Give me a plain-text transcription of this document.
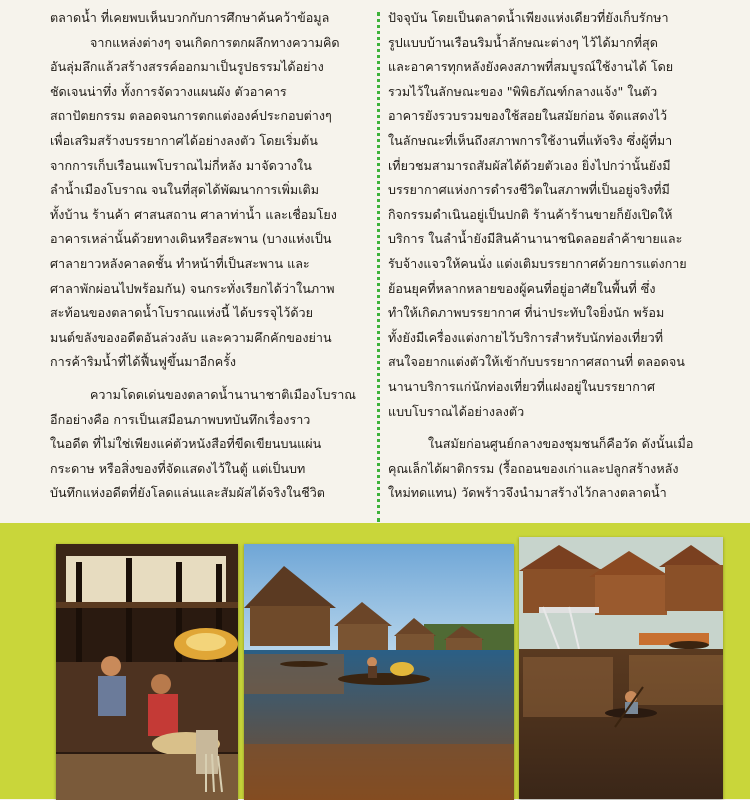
ตลาดน้ำ ที่เคยพบเห็นบวกกับการศึกษาค้นคว้าข้อมูล
จากแหล่งต่างๆ จนเกิดการตกผลึกทางความคิด
อันลุ่มลึกแล้วสร้างสรรค์ออกมาเป็นรูปธรรมได้อย่าง
ชัดเจนน่าทึ่ง ทั้งการจัดวางแผนผัง ตัวอาคาร
สถาปัตยกรรม ตลอดจนการตกแต่งองค์ประกอบต่างๆ
เพื่อเสริมสร้างบรรยากาศได้อย่างลงตัว โดยเริ่มต้น
จากการเก็บเรือนแพโบราณไม่กี่หลัง มาจัดวางใน
ลำน้ำเมืองโบราณ จนในที่สุดได้พัฒนาการเพิ่มเติม
ทั้งบ้าน ร้านค้า ศาสนสถาน ศาลาท่าน้ำ และเชื่อมโยง
อาคารเหล่านั้นด้วยทางเดินหรือสะพาน (บางแห่งเป็น
ศาลายาวหลังคาลดชั้น ทำหน้าที่เป็นสะพาน และ
ศาลาพักผ่อนไปพร้อมกัน) จนกระทั่งเรียกได้ว่าในภาพ
สะท้อนของตลาดน้ำโบราณแห่งนี้ ได้บรรจุไว้ด้วย
มนต์ขลังของอดีตอันล่วงลับ และความคึกคักของย่าน
การค้าริมน้ำที่ได้ฟื้นฟูขึ้นมาอีกครั้ง

ความโดดเด่นของตลาดน้ำนานาชาติเมืองโบราณ
อีกอย่างคือ การเป็นเสมือนภาพบทบันทึกเรื่องราว
ในอดีต ที่ไม่ใช่เพียงแค่ตัวหนังสือที่ขีดเขียนบนแผ่น
กระดาษ หรือสิ่งของที่จัดแสดงไว้ในตู้ แต่เป็นบท
บันทึกแห่งอดีตที่ยังโลดแล่นและสัมผัสได้จริงในชีวิต

ปัจจุบัน โดยเป็นตลาดน้ำเพียงแห่งเดียวที่ยังเก็บรักษา
รูปแบบบ้านเรือนริมน้ำลักษณะต่างๆ ไว้ได้มากที่สุด
และอาคารทุกหลังยังคงสภาพที่สมบูรณ์ใช้งานได้ โดย
รวมไว้ในลักษณะของ "พิพิธภัณฑ์กลางแจ้ง" ในตัว
อาคารยังรวบรวมของใช้สอยในสมัยก่อน จัดแสดงไว้
ในลักษณะที่เห็นถึงสภาพการใช้งานที่แท้จริง ซึ่งผู้ที่มา
เที่ยวชมสามารถสัมผัสได้ด้วยตัวเอง ยิ่งไปกว่านั้นยังมี
บรรยากาศแห่งการดำรงชีวิตในสภาพที่เป็นอยู่จริงที่มี
กิจกรรมดำเนินอยู่เป็นปกติ ร้านค้าร้านขายก็ยังเปิดให้
บริการ ในลำน้ำยังมีสินค้านานาชนิดลอยลำค้าขายและ
รับจ้างแจวให้คนนั่ง แต่งเติมบรรยากาศด้วยการแต่งกาย
ย้อนยุคที่หลากหลายของผู้คนที่อยู่อาศัยในพื้นที่ ซึ่ง
ทำให้เกิดภาพบรรยากาศ ที่น่าประทับใจยิ่งนัก พร้อม
ทั้งยังมีเครื่องแต่งกายไว้บริการสำหรับนักท่องเที่ยวที่
สนใจอยากแต่งตัวให้เข้ากับบรรยากาศสถานที่ ตลอดจน
นานาบริการแก่นักท่องเที่ยวที่แฝงอยู่ในบรรยากาศ
แบบโบราณได้อย่างลงตัว

ในสมัยก่อนศูนย์กลางของชุมชนก็คือวัด ดังนั้นเมื่อ
คุณเล็กได้ผาติกรรม (รื้อถอนของเก่าและปลูกสร้างหลัง
ใหม่ทดแทน) วัดพร้าวจึงนำมาสร้างไว้กลางตลาดน้ำ
